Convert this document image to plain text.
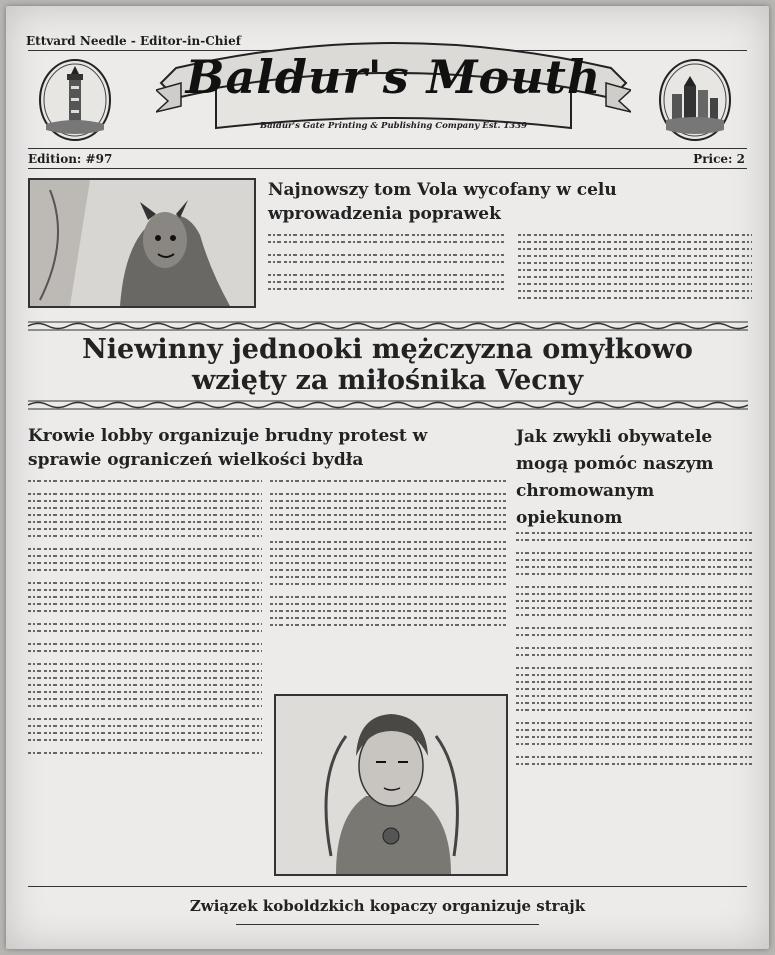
Ettvard Needle - Editor-in-Chief
Baldur's Mouth
Baldur's Gate Printing & Publishing Company Est. 1339
Edition: #97	Price: 2
Najnowszy tom Vola wycofany w celu wprowadzenia poprawek
Niewinny jednooki mężczyzna omyłkowo
wzięty za miłośnika Vecny
Krowie lobby organizuje brudny protest w sprawie ograniczeń wielkości bydła
Jak zwykli obywatele mogą pomóc naszym chromowanym opiekunom
Związek koboldzkich kopaczy organizuje strajk
